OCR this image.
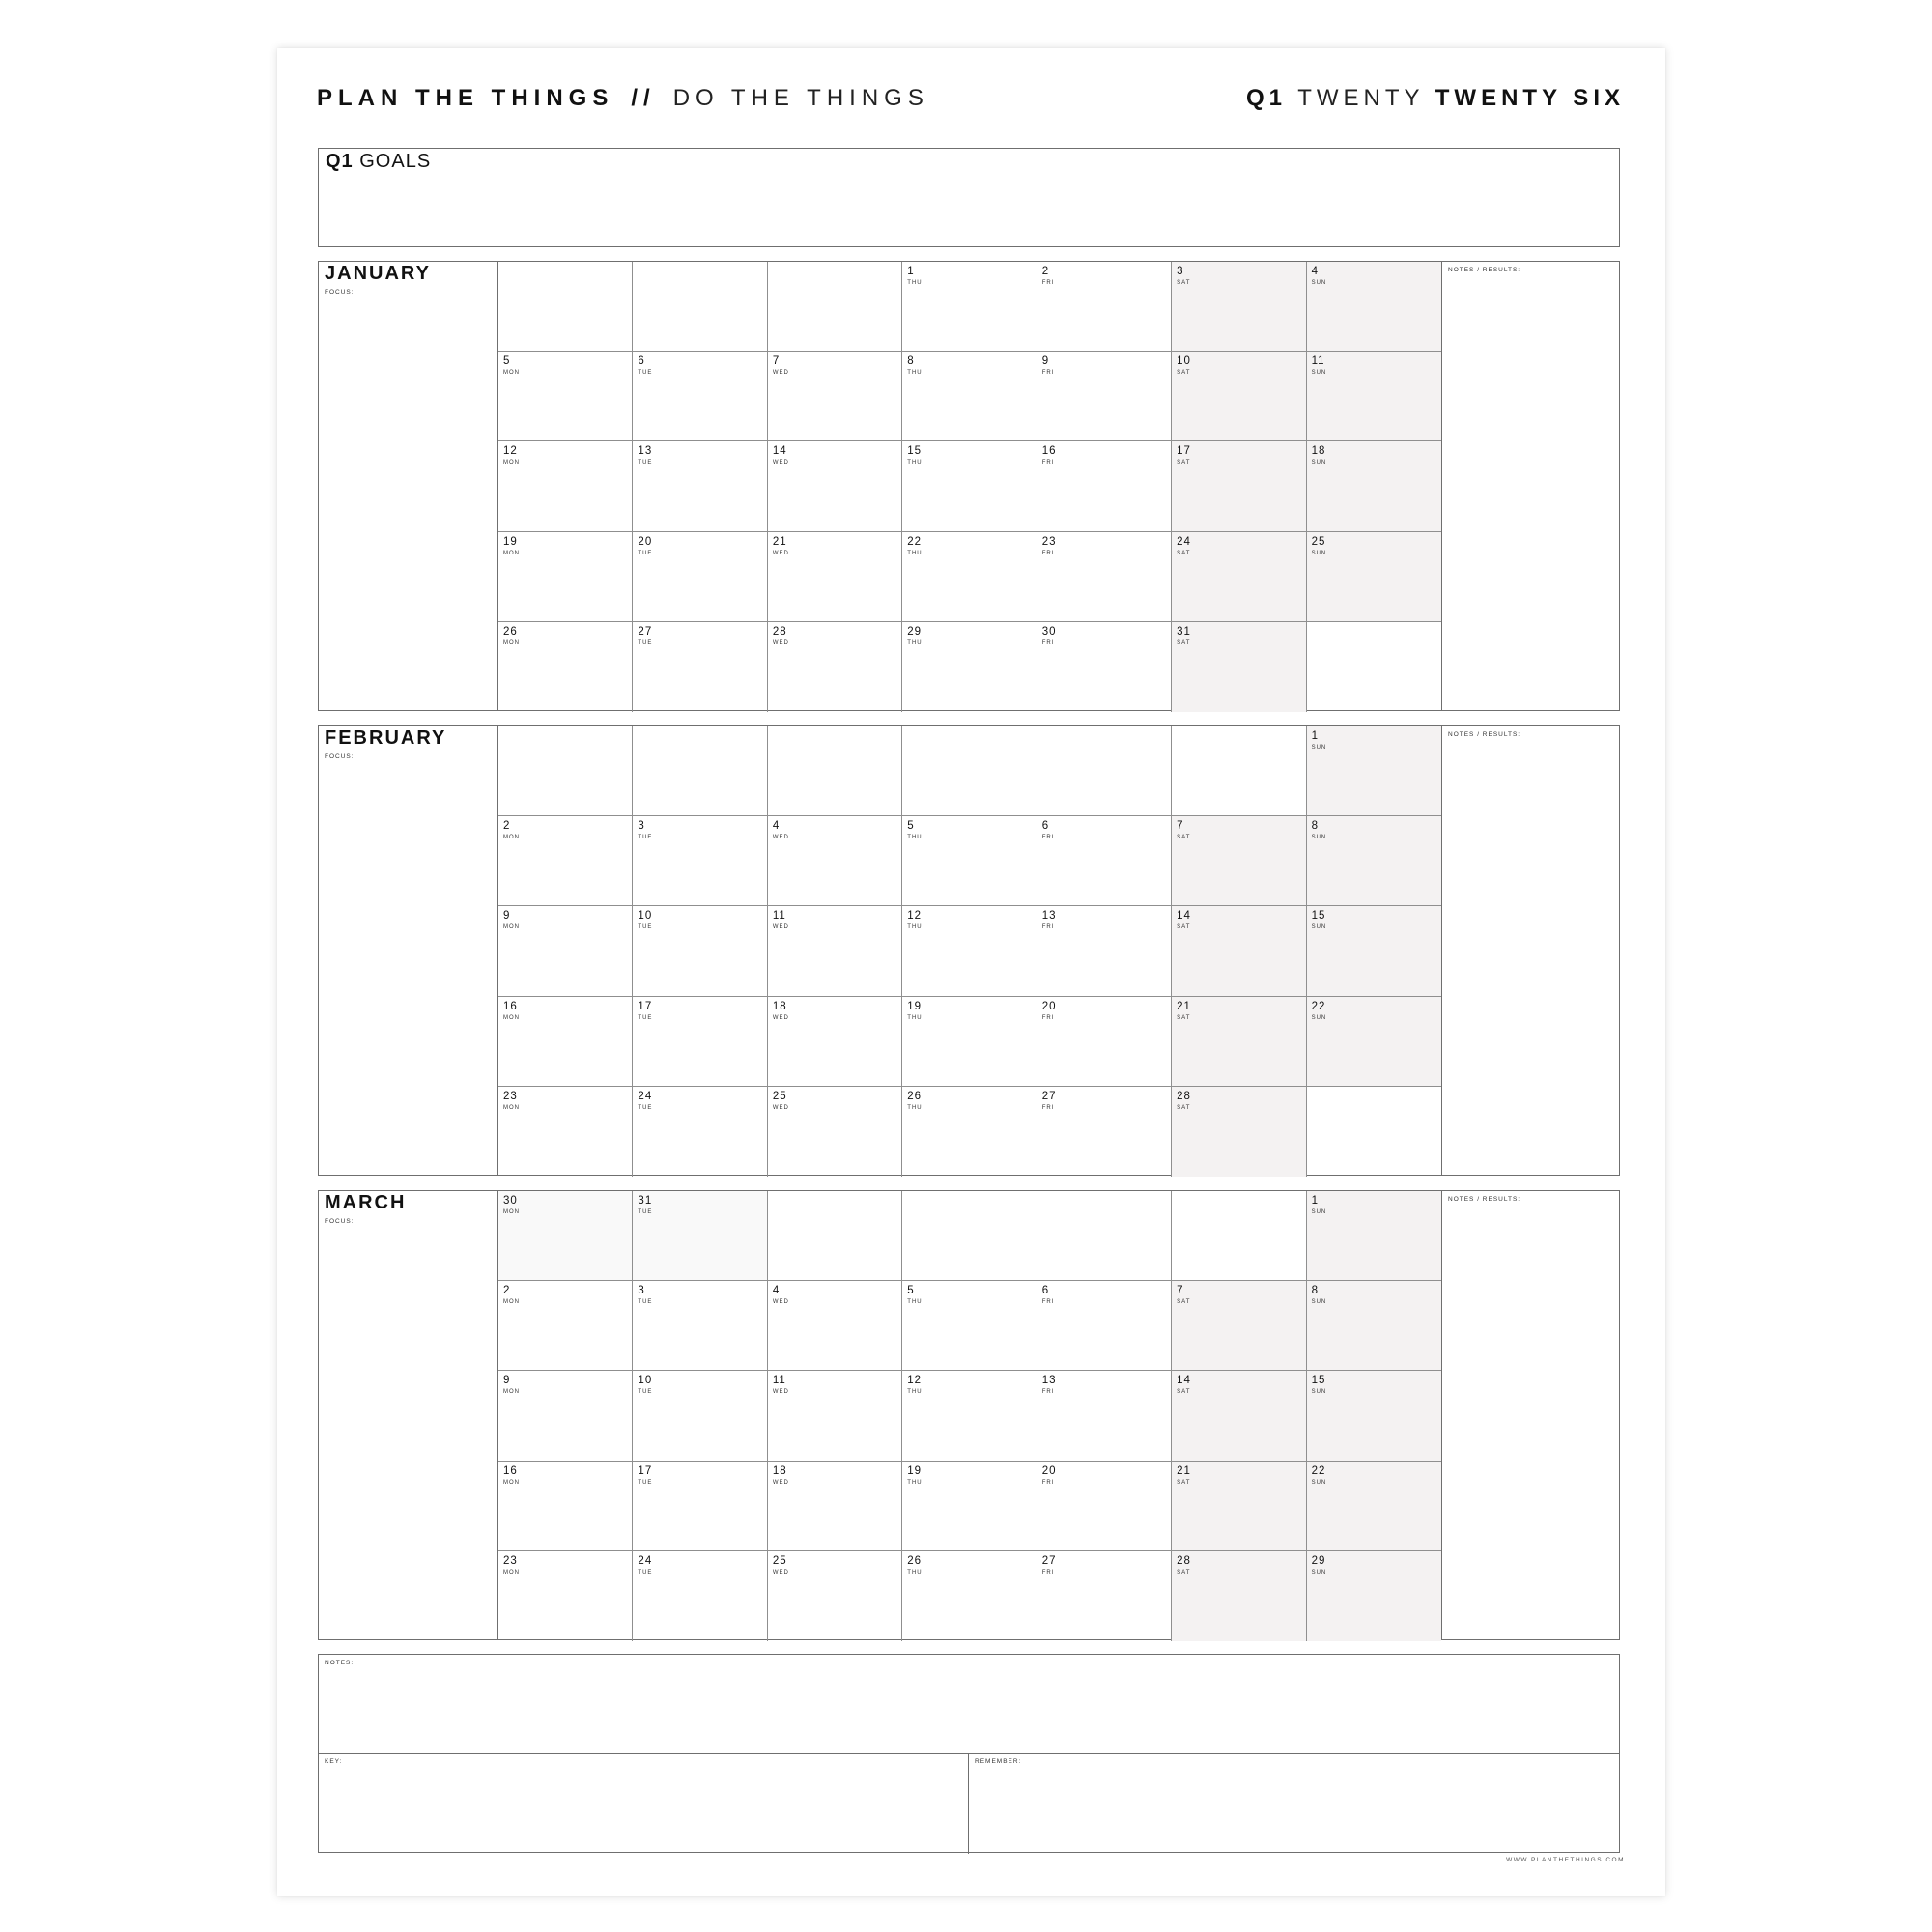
PLAN THE THINGS // DO THE THINGS	Q1 TWENTY TWENTY SIX
Q1 GOALS
JANUARY
FOCUS:
1
THU
2
FRI
3
SAT
4
SUN
5
MON
6
TUE
7
WED
8
THU
9
FRI
10
SAT
11
SUN
12
MON
13
TUE
14
WED
15
THU
16
FRI
17
SAT
18
SUN
19
MON
20
TUE
21
WED
22
THU
23
FRI
24
SAT
25
SUN
26
MON
27
TUE
28
WED
29
THU
30
FRI
31
SAT
NOTES / RESULTS:
FEBRUARY
FOCUS:
1
SUN
2
MON
3
TUE
4
WED
5
THU
6
FRI
7
SAT
8
SUN
9
MON
10
TUE
11
WED
12
THU
13
FRI
14
SAT
15
SUN
16
MON
17
TUE
18
WED
19
THU
20
FRI
21
SAT
22
SUN
23
MON
24
TUE
25
WED
26
THU
27
FRI
28
SAT
NOTES / RESULTS:
MARCH
FOCUS:
30
MON
31
TUE
1
SUN
2
MON
3
TUE
4
WED
5
THU
6
FRI
7
SAT
8
SUN
9
MON
10
TUE
11
WED
12
THU
13
FRI
14
SAT
15
SUN
16
MON
17
TUE
18
WED
19
THU
20
FRI
21
SAT
22
SUN
23
MON
24
TUE
25
WED
26
THU
27
FRI
28
SAT
29
SUN
NOTES / RESULTS:
NOTES:
KEY:	REMEMBER:
WWW.PLANTHETHINGS.COM
